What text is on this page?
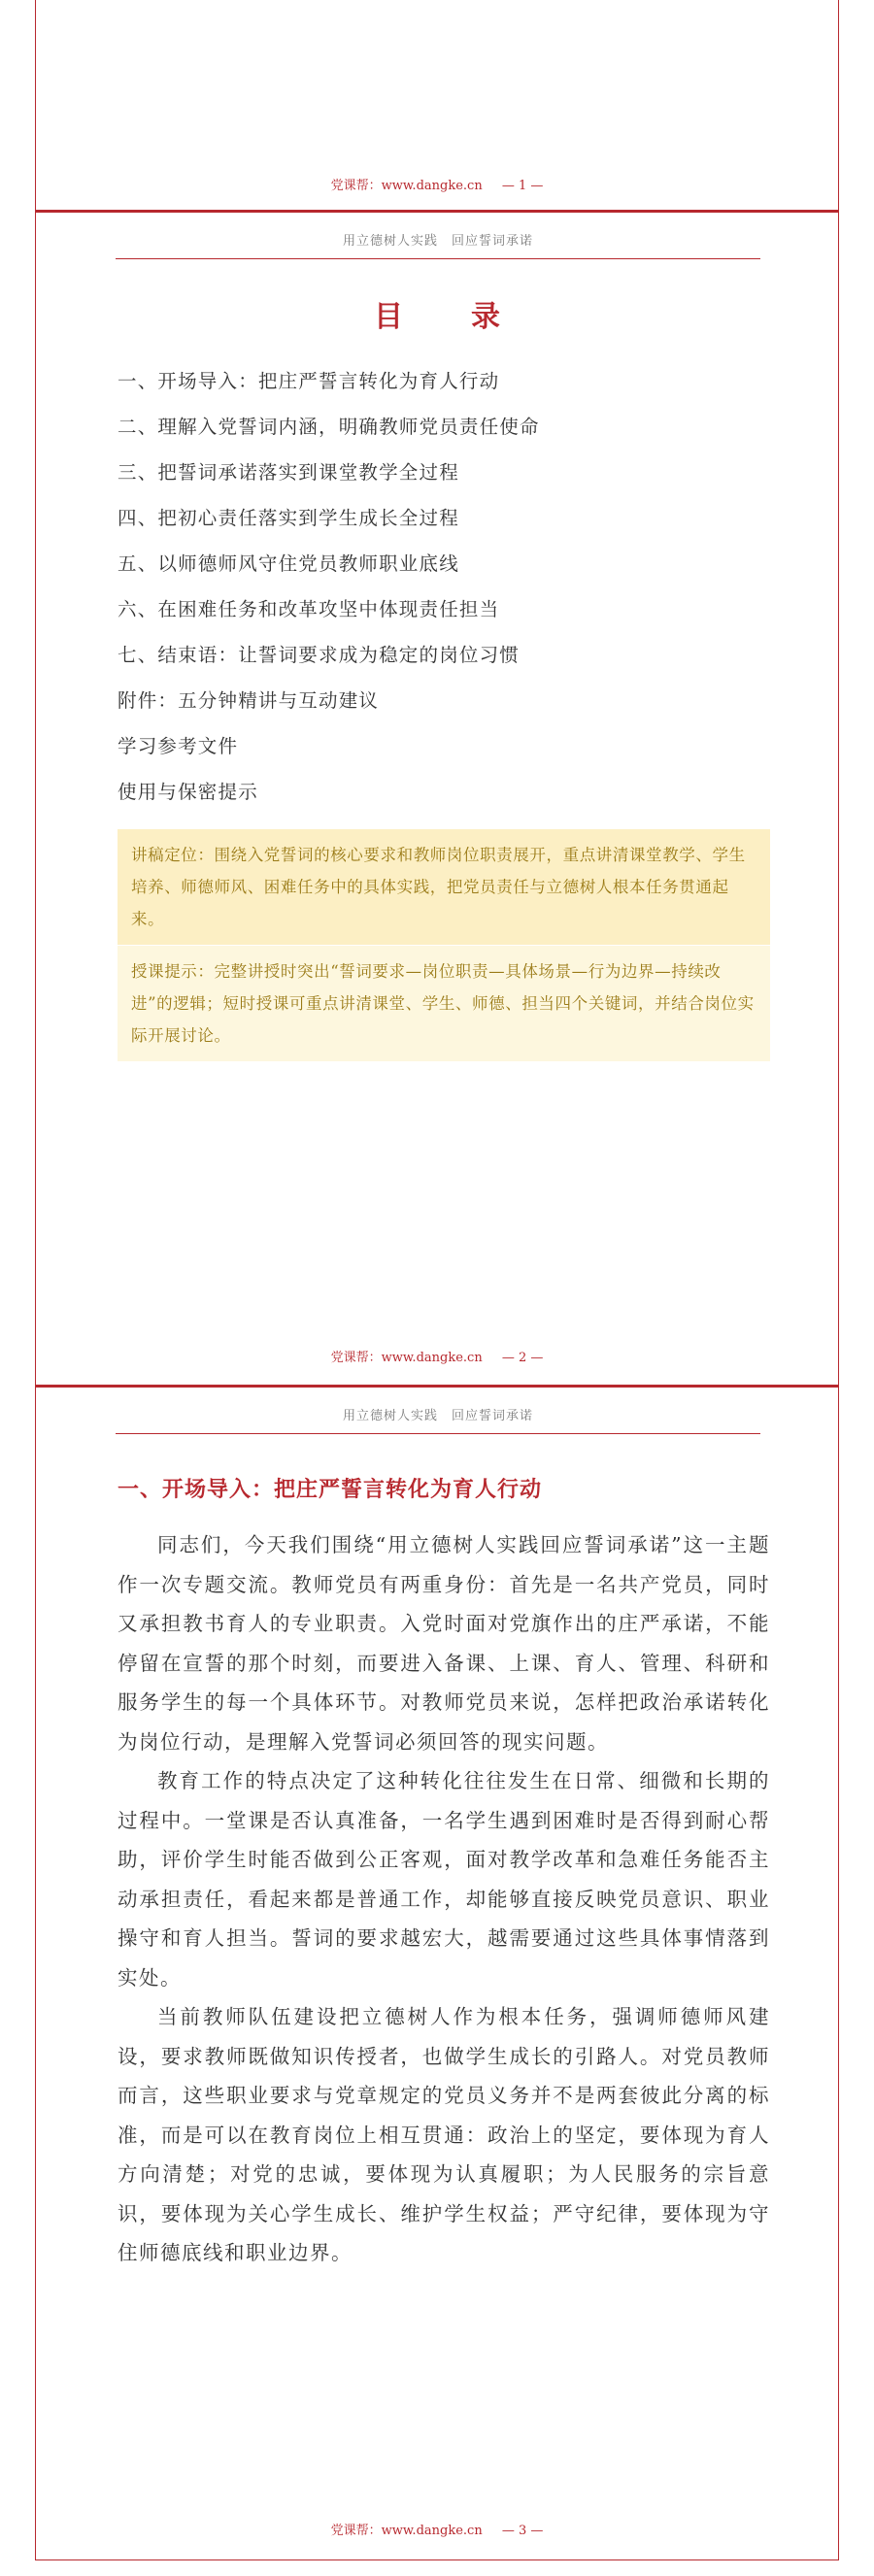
党课帮：www.dangke.cn — 1 —
用立德树人实践　回应誓词承诺
目　录
一、开场导入：把庄严誓言转化为育人行动
二、理解入党誓词内涵，明确教师党员责任使命
三、把誓词承诺落实到课堂教学全过程
四、把初心责任落实到学生成长全过程
五、以师德师风守住党员教师职业底线
六、在困难任务和改革攻坚中体现责任担当
七、结束语：让誓词要求成为稳定的岗位习惯
附件：五分钟精讲与互动建议
学习参考文件
使用与保密提示
讲稿定位：围绕入党誓词的核心要求和教师岗位职责展开，重点讲清课堂教学、学生培养、师德师风、困难任务中的具体实践，把党员责任与立德树人根本任务贯通起来。
授课提示：完整讲授时突出“誓词要求—岗位职责—具体场景—行为边界—持续改进”的逻辑；短时授课可重点讲清课堂、学生、师德、担当四个关键词，并结合岗位实际开展讨论。
党课帮：www.dangke.cn — 2 —
用立德树人实践　回应誓词承诺
一、开场导入：把庄严誓言转化为育人行动

同志们，今天我们围绕“用立德树人实践回应誓词承诺”这一主题作一次专题交流。教师党员有两重身份：首先是一名共产党员，同时又承担教书育人的专业职责。入党时面对党旗作出的庄严承诺，不能停留在宣誓的那个时刻，而要进入备课、上课、育人、管理、科研和服务学生的每一个具体环节。对教师党员来说，怎样把政治承诺转化为岗位行动，是理解入党誓词必须回答的现实问题。

教育工作的特点决定了这种转化往往发生在日常、细微和长期的过程中。一堂课是否认真准备，一名学生遇到困难时是否得到耐心帮助，评价学生时能否做到公正客观，面对教学改革和急难任务能否主动承担责任，看起来都是普通工作，却能够直接反映党员意识、职业操守和育人担当。誓词的要求越宏大，越需要通过这些具体事情落到实处。

当前教师队伍建设把立德树人作为根本任务，强调师德师风建设，要求教师既做知识传授者，也做学生成长的引路人。对党员教师而言，这些职业要求与党章规定的党员义务并不是两套彼此分离的标准，而是可以在教育岗位上相互贯通：政治上的坚定，要体现为育人方向清楚；对党的忠诚，要体现为认真履职；为人民服务的宗旨意识，要体现为关心学生成长、维护学生权益；严守纪律，要体现为守住师德底线和职业边界。

党课帮：www.dangke.cn — 3 —
